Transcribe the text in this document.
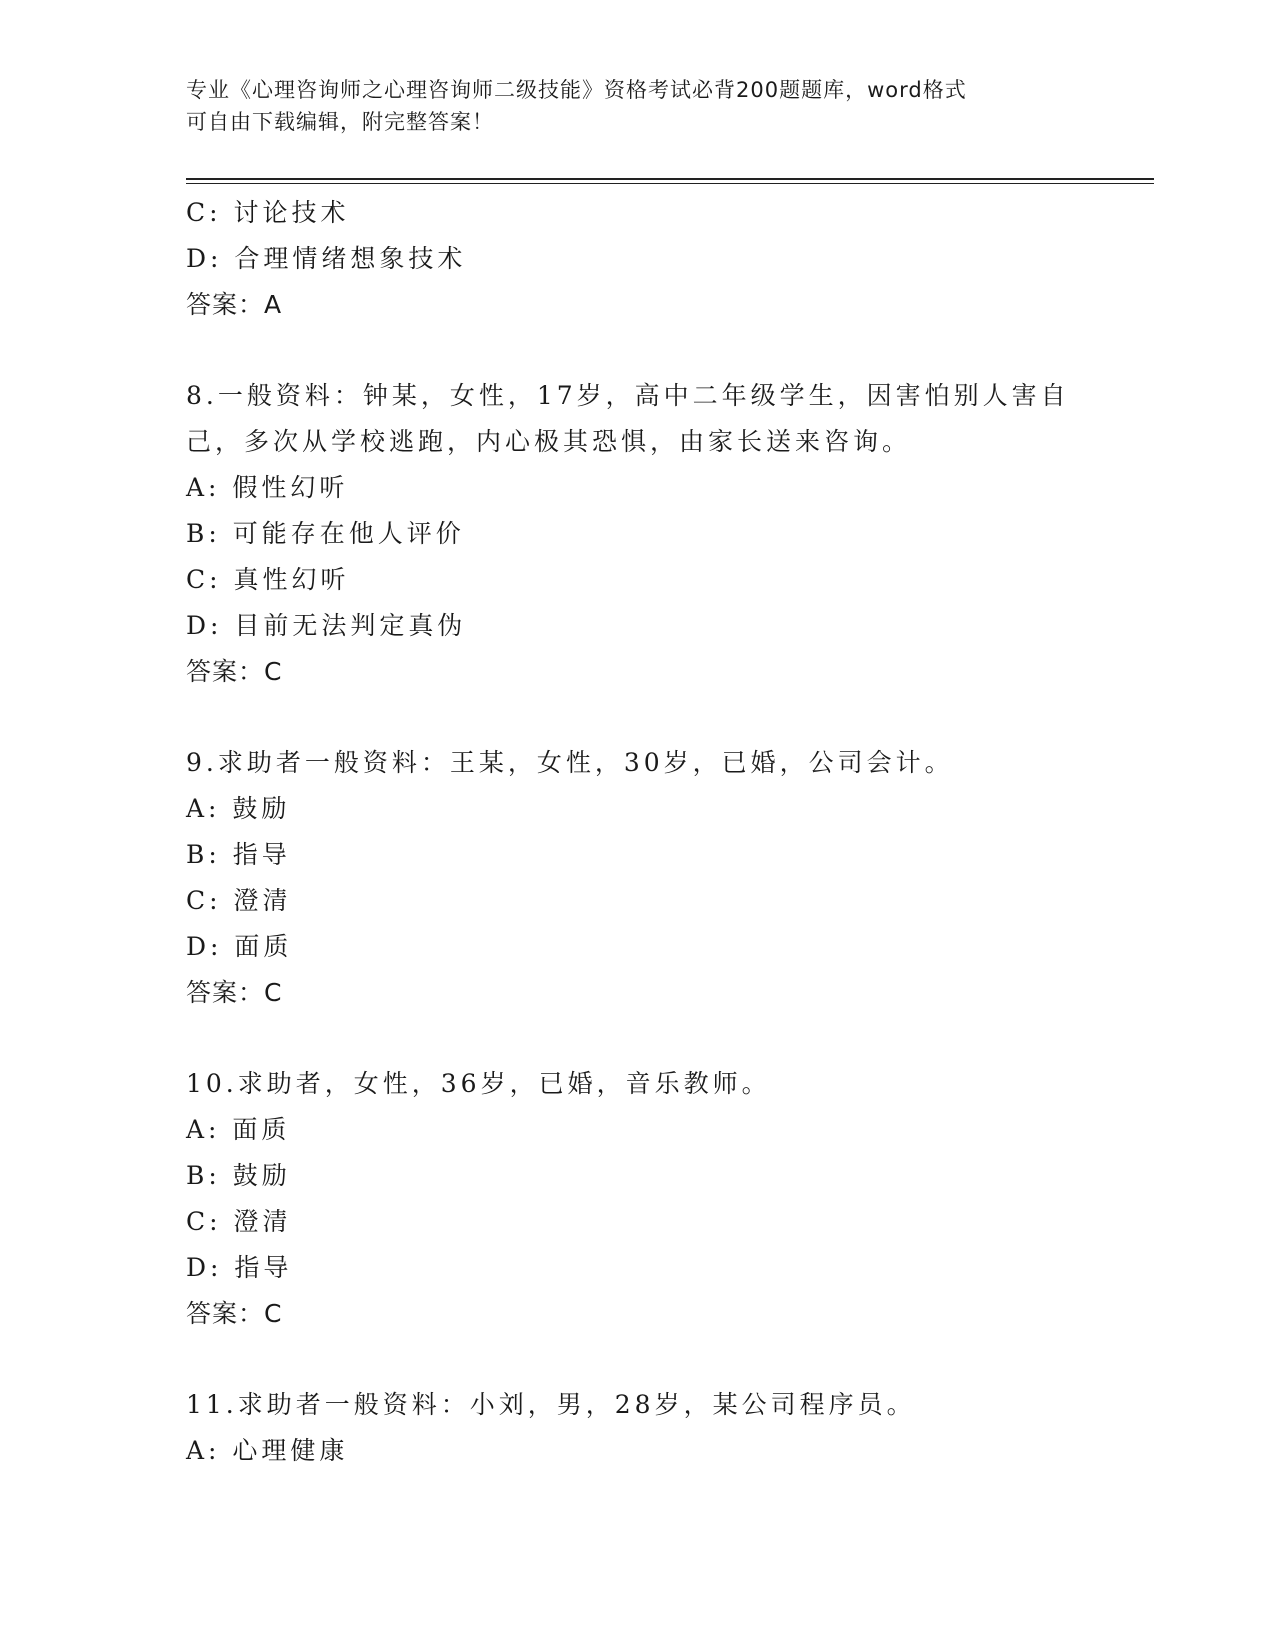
专业《心理咨询师之心理咨询师二级技能》资格考试必背200题题库，word格式
可自由下载编辑，附完整答案！
C: 讨论技术
D: 合理情绪想象技术
答案：A
8.一般资料：钟某，女性，17岁，高中二年级学生，因害怕别人害自
己，多次从学校逃跑，内心极其恐惧，由家长送来咨询。
A: 假性幻听
B: 可能存在他人评价
C: 真性幻听
D: 目前无法判定真伪
答案：C
9.求助者一般资料：王某，女性，30岁，已婚，公司会计。
A: 鼓励
B: 指导
C: 澄清
D: 面质
答案：C
10.求助者，女性，36岁，已婚，音乐教师。
A: 面质
B: 鼓励
C: 澄清
D: 指导
答案：C
11.求助者一般资料：小刘，男，28岁，某公司程序员。
A: 心理健康
